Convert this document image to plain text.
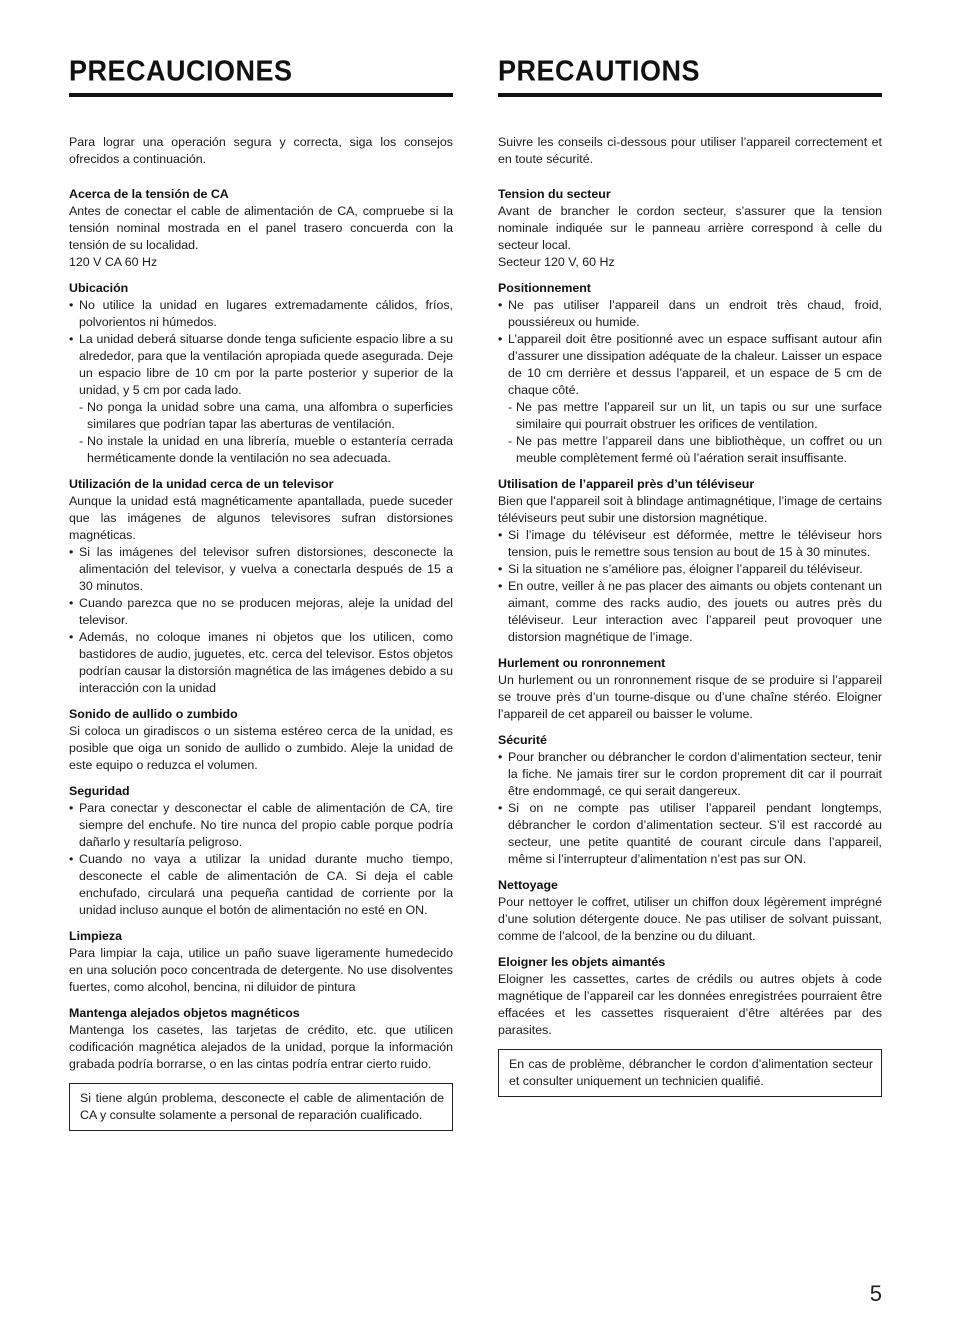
PRECAUCIONES

Para lograr una operación segura y correcta, siga los consejos ofrecidos a continuación.

Acerca de la tensión de CA

Antes de conectar el cable de alimentación de CA, compruebe si la tensión nominal mostrada en el panel trasero concuerda con la tensión de su localidad.

120 V CA 60 Hz

Ubicación
• No utilice la unidad en lugares extremadamente cálidos, fríos, polvorientos ni húmedos.
• La unidad deberá situarse donde tenga suficiente espacio libre a su alrededor, para que la ventilación apropiada quede asegurada. Deje un espacio libre de 10 cm por la parte posterior y superior de la unidad, y 5 cm por cada lado.
- No ponga la unidad sobre una cama, una alfombra o superficies similares que podrían tapar las aberturas de ventilación.
- No instale la unidad en una librería, mueble o estantería cerrada herméticamente donde la ventilación no sea adecuada.
Utilización de la unidad cerca de un televisor

Aunque la unidad está magnéticamente apantallada, puede suceder que las imágenes de algunos televisores sufran distorsiones magnéticas.

• Si las imágenes del televisor sufren distorsiones, desconecte la alimentación del televisor, y vuelva a conectarla después de 15 a 30 minutos.
• Cuando parezca que no se producen mejoras, aleje la unidad del televisor.
• Además, no coloque imanes ni objetos que los utilicen, como bastidores de audio, juguetes, etc. cerca del televisor. Estos objetos podrían causar la distorsión magnética de las imágenes debido a su interacción con la unidad
Sonido de aullido o zumbido

Si coloca un giradiscos o un sistema estéreo cerca de la unidad, es posible que oiga un sonido de aullido o zumbido. Aleje la unidad de este equipo o reduzca el volumen.

Seguridad
• Para conectar y desconectar el cable de alimentación de CA, tire siempre del enchufe. No tire nunca del propio cable porque podría dañarlo y resultaría peligroso.
• Cuando no vaya a utilizar la unidad durante mucho tiempo, desconecte el cable de alimentación de CA. Si deja el cable enchufado, circulará una pequeña cantidad de corriente por la unidad incluso aunque el botón de alimentación no esté en ON.
Limpieza

Para limpiar la caja, utilice un paño suave ligeramente humedecido en una solución poco concentrada de detergente. No use disolventes fuertes, como alcohol, bencina, ni diluidor de pintura

Mantenga alejados objetos magnéticos

Mantenga los casetes, las tarjetas de crédito, etc. que utilicen codificación magnética alejados de la unidad, porque la información grabada podría borrarse, o en las cintas podría entrar cierto ruido.

Si tiene algún problema, desconecte el cable de alimentación de CA y consulte solamente a personal de reparación cualificado.
PRECAUTIONS

Suivre les conseils ci-dessous pour utiliser l’appareil correctement et en toute sécurité.

Tension du secteur

Avant de brancher le cordon secteur, s’assurer que la tension nominale indiquée sur le panneau arrière correspond à celle du secteur local.

Secteur 120 V, 60 Hz

Positionnement
• Ne pas utiliser l’appareil dans un endroit très chaud, froid, poussiéreux ou humide.
• L’appareil doit être positionné avec un espace suffisant autour afin d’assurer une dissipation adéquate de la chaleur. Laisser un espace de 10 cm derrière et dessus l’appareil, et un espace de 5 cm de chaque côté.
- Ne pas mettre l’appareil sur un lit, un tapis ou sur une surface similaire qui pourrait obstruer les orifices de ventilation.
- Ne pas mettre l’appareil dans une bibliothèque, un coffret ou un meuble complètement fermé où l’aération serait insuffisante.
Utilisation de l’appareil près d’un téléviseur

Bien que l’appareil soit à blindage antimagnétique, l’image de certains téléviseurs peut subir une distorsion magnétique.

• Si l’image du téléviseur est déformée, mettre le téléviseur hors tension, puis le remettre sous tension au bout de 15 à 30 minutes.
• Si la situation ne s’améliore pas, éloigner l’appareil du téléviseur.
• En outre, veiller à ne pas placer des aimants ou objets contenant un aimant, comme des racks audio, des jouets ou autres près du téléviseur. Leur interaction avec l’appareil peut provoquer une distorsion magnétique de l’image.
Hurlement ou ronronnement

Un hurlement ou un ronronnement risque de se produire si l’appareil se trouve près d’un tourne-disque ou d’une chaîne stéréo. Eloigner l’appareil de cet appareil ou baisser le volume.

Sécurité
• Pour brancher ou débrancher le cordon d’alimentation secteur, tenir la fiche. Ne jamais tirer sur le cordon proprement dit car il pourrait être endommagé, ce qui serait dangereux.
• Si on ne compte pas utiliser l’appareil pendant longtemps, débrancher le cordon d’alimentation secteur. S’il est raccordé au secteur, une petite quantité de courant circule dans l’appareil, même si l’interrupteur d’alimentation n’est pas sur ON.
Nettoyage

Pour nettoyer le coffret, utiliser un chiffon doux légèrement imprégné d’une solution détergente douce. Ne pas utiliser de solvant puissant, comme de l’alcool, de la benzine ou du diluant.

Eloigner les objets aimantés

Eloigner les cassettes, cartes de crédils ou autres objets à code magnétique de l’appareil car les données enregistrées pourraient être effacées et les cassettes risqueraient d’être altérées par des parasites.

En cas de problème, débrancher le cordon d’alimentation secteur et consulter uniquement un technicien qualifié.

5
